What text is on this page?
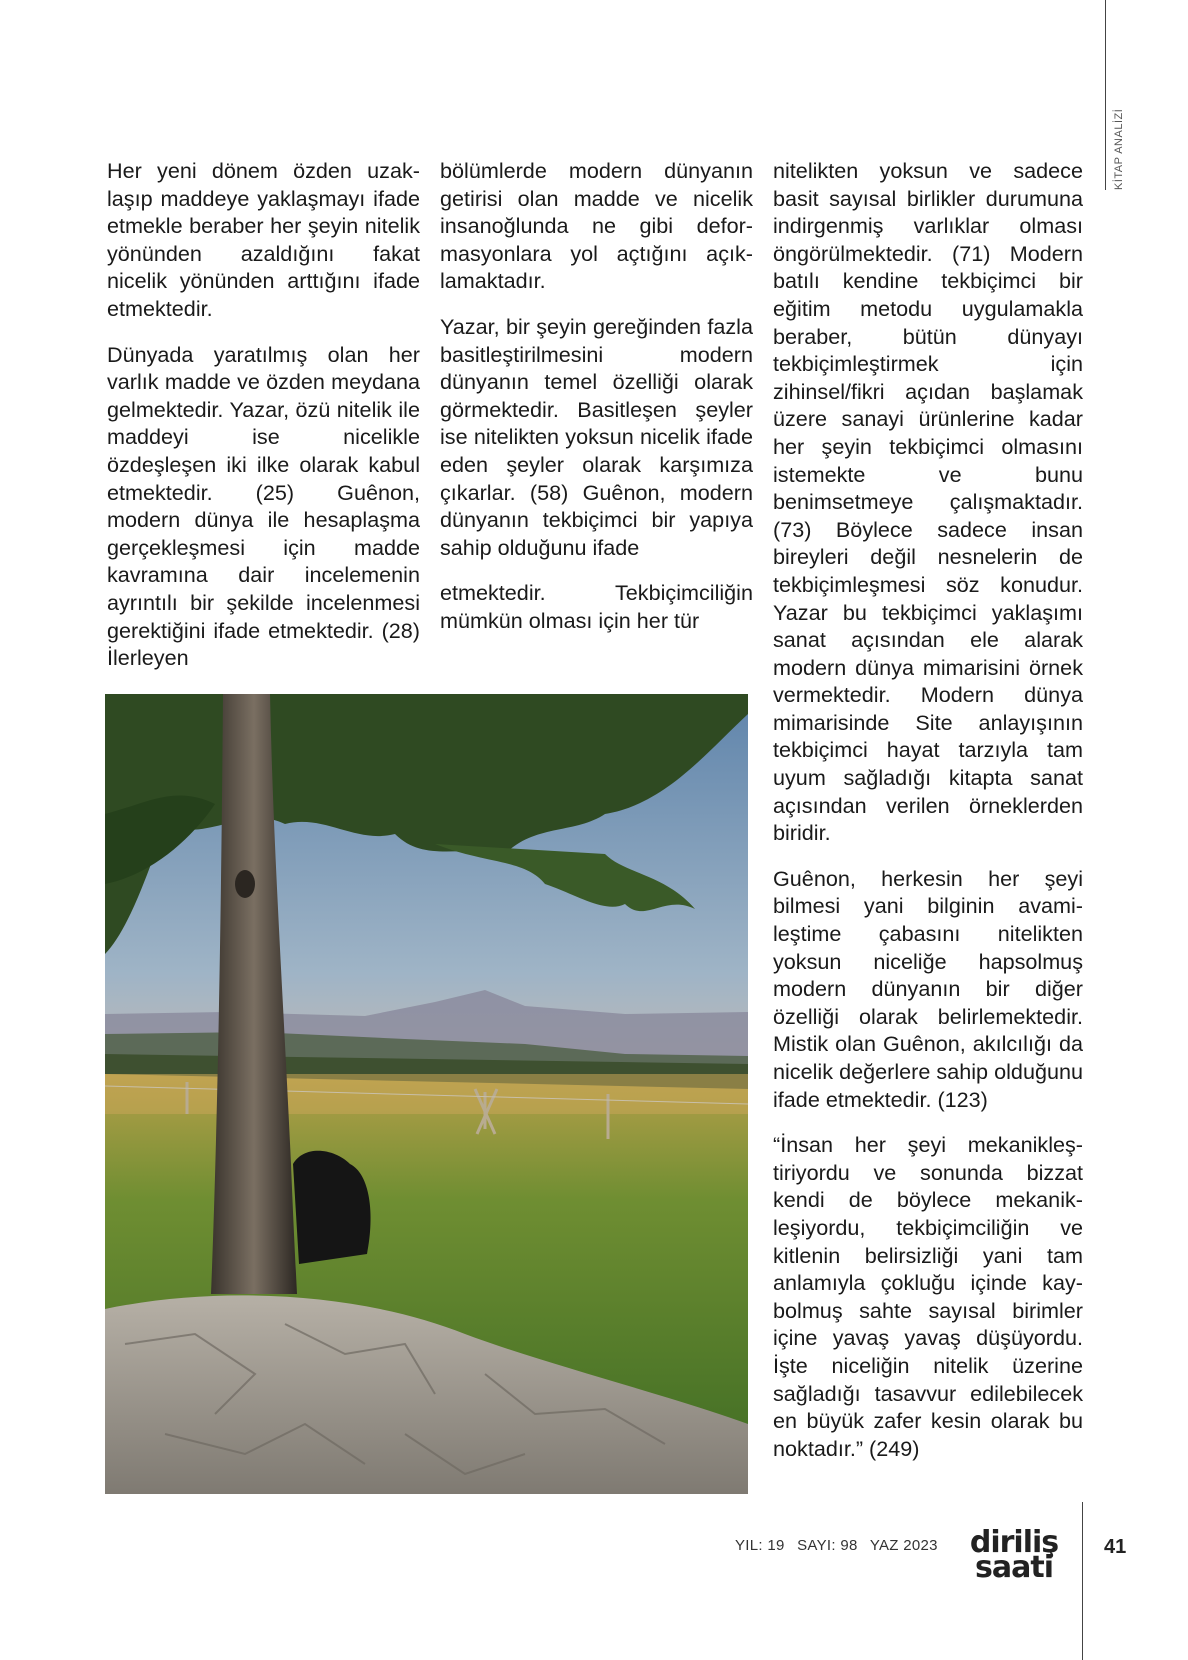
KİTAP ANALİZİ

Her yeni dönem özden uzaklaşıp maddeye yaklaşmayı ifade etmekle beraber her şeyin nitelik yönünden azaldığını fakat nicelik yönünden arttığını ifade etmektedir.

Dünyada yaratılmış olan her varlık madde ve özden meydana gelmektedir. Yazar, özü nitelik ile maddeyi ise nicelikle özdeşleşen iki ilke olarak kabul etmektedir. (25) Guênon, modern dünya ile hesaplaşma gerçekleşmesi için madde kavramına dair incelemenin ayrıntılı bir şekilde incelenmesi gerektiğini ifade etmektedir. (28) İlerleyen

bölümlerde modern dünyanın getirisi olan madde ve nicelik insanoğlunda ne gibi deformasyonlara yol açtığını açıklamaktadır.

Yazar, bir şeyin gereğinden fazla basitleştirilmesini modern dünyanın temel özelliği olarak görmektedir. Basitleşen şeyler ise nitelikten yoksun nicelik ifade eden şeyler olarak karşımıza çıkarlar. (58) Guênon, modern dünyanın tekbiçimci bir yapıya sahip olduğunu ifade

etmektedir. Tekbiçimciliğin mümkün olması için her tür

nitelikten yoksun ve sadece basit sayısal birlikler durumuna indirgenmiş varlıklar olması öngörülmektedir. (71) Modern batılı kendine tekbiçimci bir eğitim metodu uygulamakla beraber, bütün dünyayı tekbiçimleştirmek için zihinsel/fikri açıdan başlamak üzere sanayi ürünlerine kadar her şeyin tekbiçimci olmasını istemekte ve bunu benimsetmeye çalışmaktadır. (73) Böylece sadece insan bireyleri değil nesnelerin de tekbiçimleşmesi söz konudur. Yazar bu tekbiçimci yaklaşımı sanat açısından ele alarak modern dünya mimarisini örnek vermektedir. Modern dünya mimarisinde Site anlayışının tekbiçimci hayat tarzıyla tam uyum sağladığı kitapta sanat açısından verilen örneklerden biridir.

Guênon, herkesin her şeyi bilmesi yani bilginin avamileştime çabasını nitelikten yoksun niceliğe hapsolmuş modern dünyanın bir diğer özelliği olarak belirlemektedir. Mistik olan Guênon, akılcılığı da nicelik değerlere sahip olduğunu ifade etmektedir. (123)

“İnsan her şeyi mekanikleştiriyordu ve sonunda bizzat kendi de böylece mekanikleşiyordu, tekbiçimciliğin ve kitlenin belirsizliği yani tam anlamıyla çokluğu içinde kaybolmuş sahte sayısal birimler içine yavaş yavaş düşüyordu. İşte niceliğin nitelik üzerine sağladığı tasavvur edilebilecek en büyük zafer kesin olarak bu noktadır.” (249)

YIL: 19 SAYI: 98 YAZ 2023 diriliş
saati
41
